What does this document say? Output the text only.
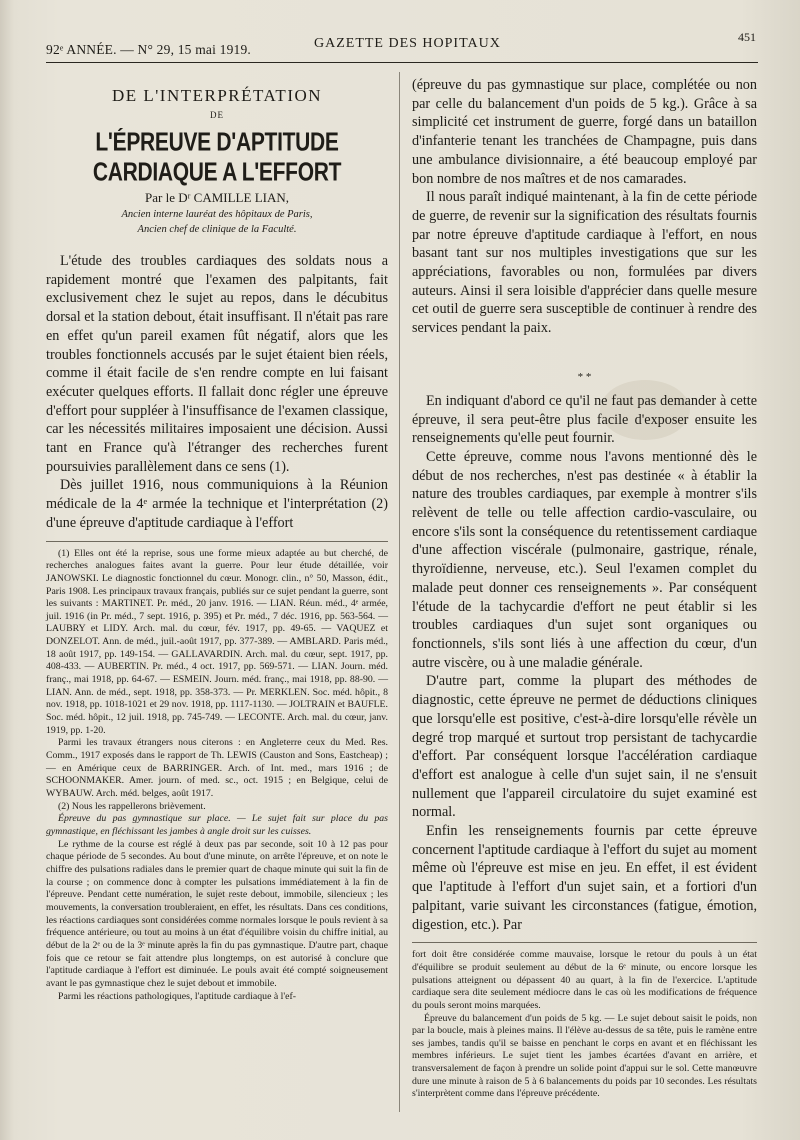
92ᵉ ANNÉE. — N° 29, 15 mai 1919.	GAZETTE DES HOPITAUX	451
DE L'INTERPRÉTATION
DE
L'ÉPREUVE D'APTITUDE CARDIAQUE A L'EFFORT
Par le Dʳ CAMILLE LIAN,
Ancien interne lauréat des hôpitaux de Paris,
Ancien chef de clinique de la Faculté.

L'étude des troubles cardiaques des soldats nous a rapidement montré que l'examen des palpitants, fait exclusivement chez le sujet au repos, dans le décubitus dorsal et la station debout, était insuffisant. Il n'était pas rare en effet qu'un pareil examen fût négatif, alors que les troubles fonctionnels accusés par le sujet étaient bien réels, comme il était facile de s'en rendre compte en lui faisant exécuter quelques efforts. Il fallait donc régler une épreuve d'effort pour suppléer à l'insuffisance de l'examen classique, car les nécessités militaires imposaient une décision. Aussi tant en France qu'à l'étranger des recherches furent poursuivies parallèlement dans ce sens (1).

Dès juillet 1916, nous communiquions à la Réunion médicale de la 4ᵉ armée la technique et l'interprétation (2) d'une épreuve d'aptitude cardiaque à l'effort

(1) Elles ont été la reprise, sous une forme mieux adaptée au but cherché, de recherches analogues faites avant la guerre. Pour leur étude détaillée, voir JANOWSKI. Le diagnostic fonctionnel du cœur. Monogr. clin., n° 50, Masson, édit., Paris 1908. Les principaux travaux français, publiés sur ce sujet pendant la guerre, sont les suivants : MARTINET. Pr. méd., 20 janv. 1916. — LIAN. Réun. méd., 4ᵉ armée, juil. 1916 (in Pr. méd., 7 sept. 1916, p. 395) et Pr. méd., 7 déc. 1916, pp. 563-564. — LAUBRY et LIDY. Arch. mal. du cœur, fév. 1917, pp. 49-65. — VAQUEZ et DONZELOT. Ann. de méd., juil.-août 1917, pp. 377-389. — AMBLARD. Paris méd., 18 août 1917, pp. 149-154. — GALLAVARDIN. Arch. mal. du cœur, sept. 1917, pp. 408-433. — AUBERTIN. Pr. méd., 4 oct. 1917, pp. 569-571. — LIAN. Journ. méd. franç., mai 1918, pp. 64-67. — ESMEIN. Journ. méd. franç., mai 1918, pp. 88-90. — LIAN. Ann. de méd., sept. 1918, pp. 358-373. — Pr. MERKLEN. Soc. méd. hôpit., 8 nov. 1918, pp. 1018-1021 et 29 nov. 1918, pp. 1117-1130. — JOLTRAIN et BAUFLE. Soc. méd. hôpit., 12 juil. 1918, pp. 745-749. — LECONTE. Arch. mal. du cœur, janv. 1919, pp. 1-20.

Parmi les travaux étrangers nous citerons : en Angleterre ceux du Med. Res. Comm., 1917 exposés dans le rapport de Th. LEWIS (Causton and Sons, Eastcheap) ; — en Amérique ceux de BARRINGER. Arch. of Int. med., mars 1916 ; de SCHOONMAKER. Amer. journ. of med. sc., oct. 1915 ; en Belgique, celui de WYBAUW. Arch. méd. belges, août 1917.

(2) Nous les rappellerons brièvement.

Épreuve du pas gymnastique sur place. — Le sujet fait sur place du pas gymnastique, en fléchissant les jambes à angle droit sur les cuisses.

Le rythme de la course est réglé à deux pas par seconde, soit 10 à 12 pas pour chaque période de 5 secondes. Au bout d'une minute, on arrête l'épreuve, et on note le chiffre des pulsations radiales dans le premier quart de chaque minute qui suit la fin de la course ; on commence donc à compter les pulsations immédiatement à la fin de l'épreuve. Pendant cette numération, le sujet reste debout, immobile, silencieux ; les mouvements, la conversation troubleraient, en effet, les résultats. Dans ces conditions, les réactions cardiaques sont considérées comme normales lorsque le pouls revient à sa fréquence antérieure, ou tout au moins à un état d'équilibre voisin du chiffre initial, au début de la 2ᵉ ou de la 3ᵉ minute après la fin du pas gymnastique. D'autre part, chaque fois que ce retour se fait attendre plus longtemps, on est autorisé à conclure que l'aptitude cardiaque à l'effort est diminuée. Le pouls avait été compté soigneusement avant le pas gymnastique chez le sujet debout et immobile.

Parmi les réactions pathologiques, l'aptitude cardiaque à l'ef-

(épreuve du pas gymnastique sur place, complétée ou non par celle du balancement d'un poids de 5 kg.). Grâce à sa simplicité cet instrument de guerre, forgé dans un bataillon d'infanterie tenant les tranchées de Champagne, puis dans une ambulance divisionnaire, a été beaucoup employé par bon nombre de nos maîtres et de nos camarades.

Il nous paraît indiqué maintenant, à la fin de cette période de guerre, de revenir sur la signification des résultats fournis par notre épreuve d'aptitude cardiaque à l'effort, en nous basant tant sur nos multiples investigations que sur les appréciations, favorables ou non, formulées par divers auteurs. Ainsi il sera loisible d'apprécier dans quelle mesure cet outil de guerre sera susceptible de continuer à rendre des services pendant la paix.

* *

En indiquant d'abord ce qu'il ne faut pas demander à cette épreuve, il sera peut-être plus facile d'exposer ensuite les renseignements qu'elle peut fournir.

Cette épreuve, comme nous l'avons mentionné dès le début de nos recherches, n'est pas destinée « à établir la nature des troubles cardiaques, par exemple à montrer s'ils relèvent de telle ou telle affection cardio-vasculaire, ou encore s'ils sont la conséquence du retentissement cardiaque d'une affection viscérale (pulmonaire, gastrique, rénale, thyroïdienne, nerveuse, etc.). Seul l'examen complet du malade peut donner ces renseignements ». Par conséquent l'étude de la tachycardie d'effort ne peut établir si les troubles cardiaques d'un sujet sont organiques ou fonctionnels, s'ils sont liés à une affection du cœur, d'un autre viscère, ou à une maladie générale.

D'autre part, comme la plupart des méthodes de diagnostic, cette épreuve ne permet de déductions cliniques que lorsqu'elle est positive, c'est-à-dire lorsqu'elle révèle un degré trop marqué et surtout trop persistant de tachycardie d'effort. Par conséquent lorsque l'accélération cardiaque d'effort est analogue à celle d'un sujet sain, il ne s'ensuit nullement que l'appareil circulatoire du sujet examiné est normal.

Enfin les renseignements fournis par cette épreuve concernent l'aptitude cardiaque à l'effort du sujet au moment même où l'épreuve est mise en jeu. En effet, il est évident que l'aptitude à l'effort d'un sujet sain, et a fortiori d'un palpitant, varie suivant les circonstances (fatigue, émotion, digestion, etc.). Par

fort doit être considérée comme mauvaise, lorsque le retour du pouls à un état d'équilibre se produit seulement au début de la 6ᵉ minute, ou encore lorsque les pulsations atteignent ou dépassent 40 au quart, à la fin de l'exercice. L'aptitude cardiaque sera dite seulement médiocre dans le cas où les modifications de fréquence du pouls seront moins marquées.

Épreuve du balancement d'un poids de 5 kg. — Le sujet debout saisit le poids, non par la boucle, mais à pleines mains. Il l'élève au-dessus de sa tête, puis le ramène entre ses jambes, tandis qu'il se baisse en penchant le corps en avant et en fléchissant les membres inférieurs. Le sujet tient les jambes écartées d'avant en arrière, et transversalement de façon à prendre un solide point d'appui sur le sol. Cette manœuvre dure une minute à raison de 5 à 6 balancements du poids par 10 secondes. Les résultats s'interprètent comme dans l'épreuve précédente.
